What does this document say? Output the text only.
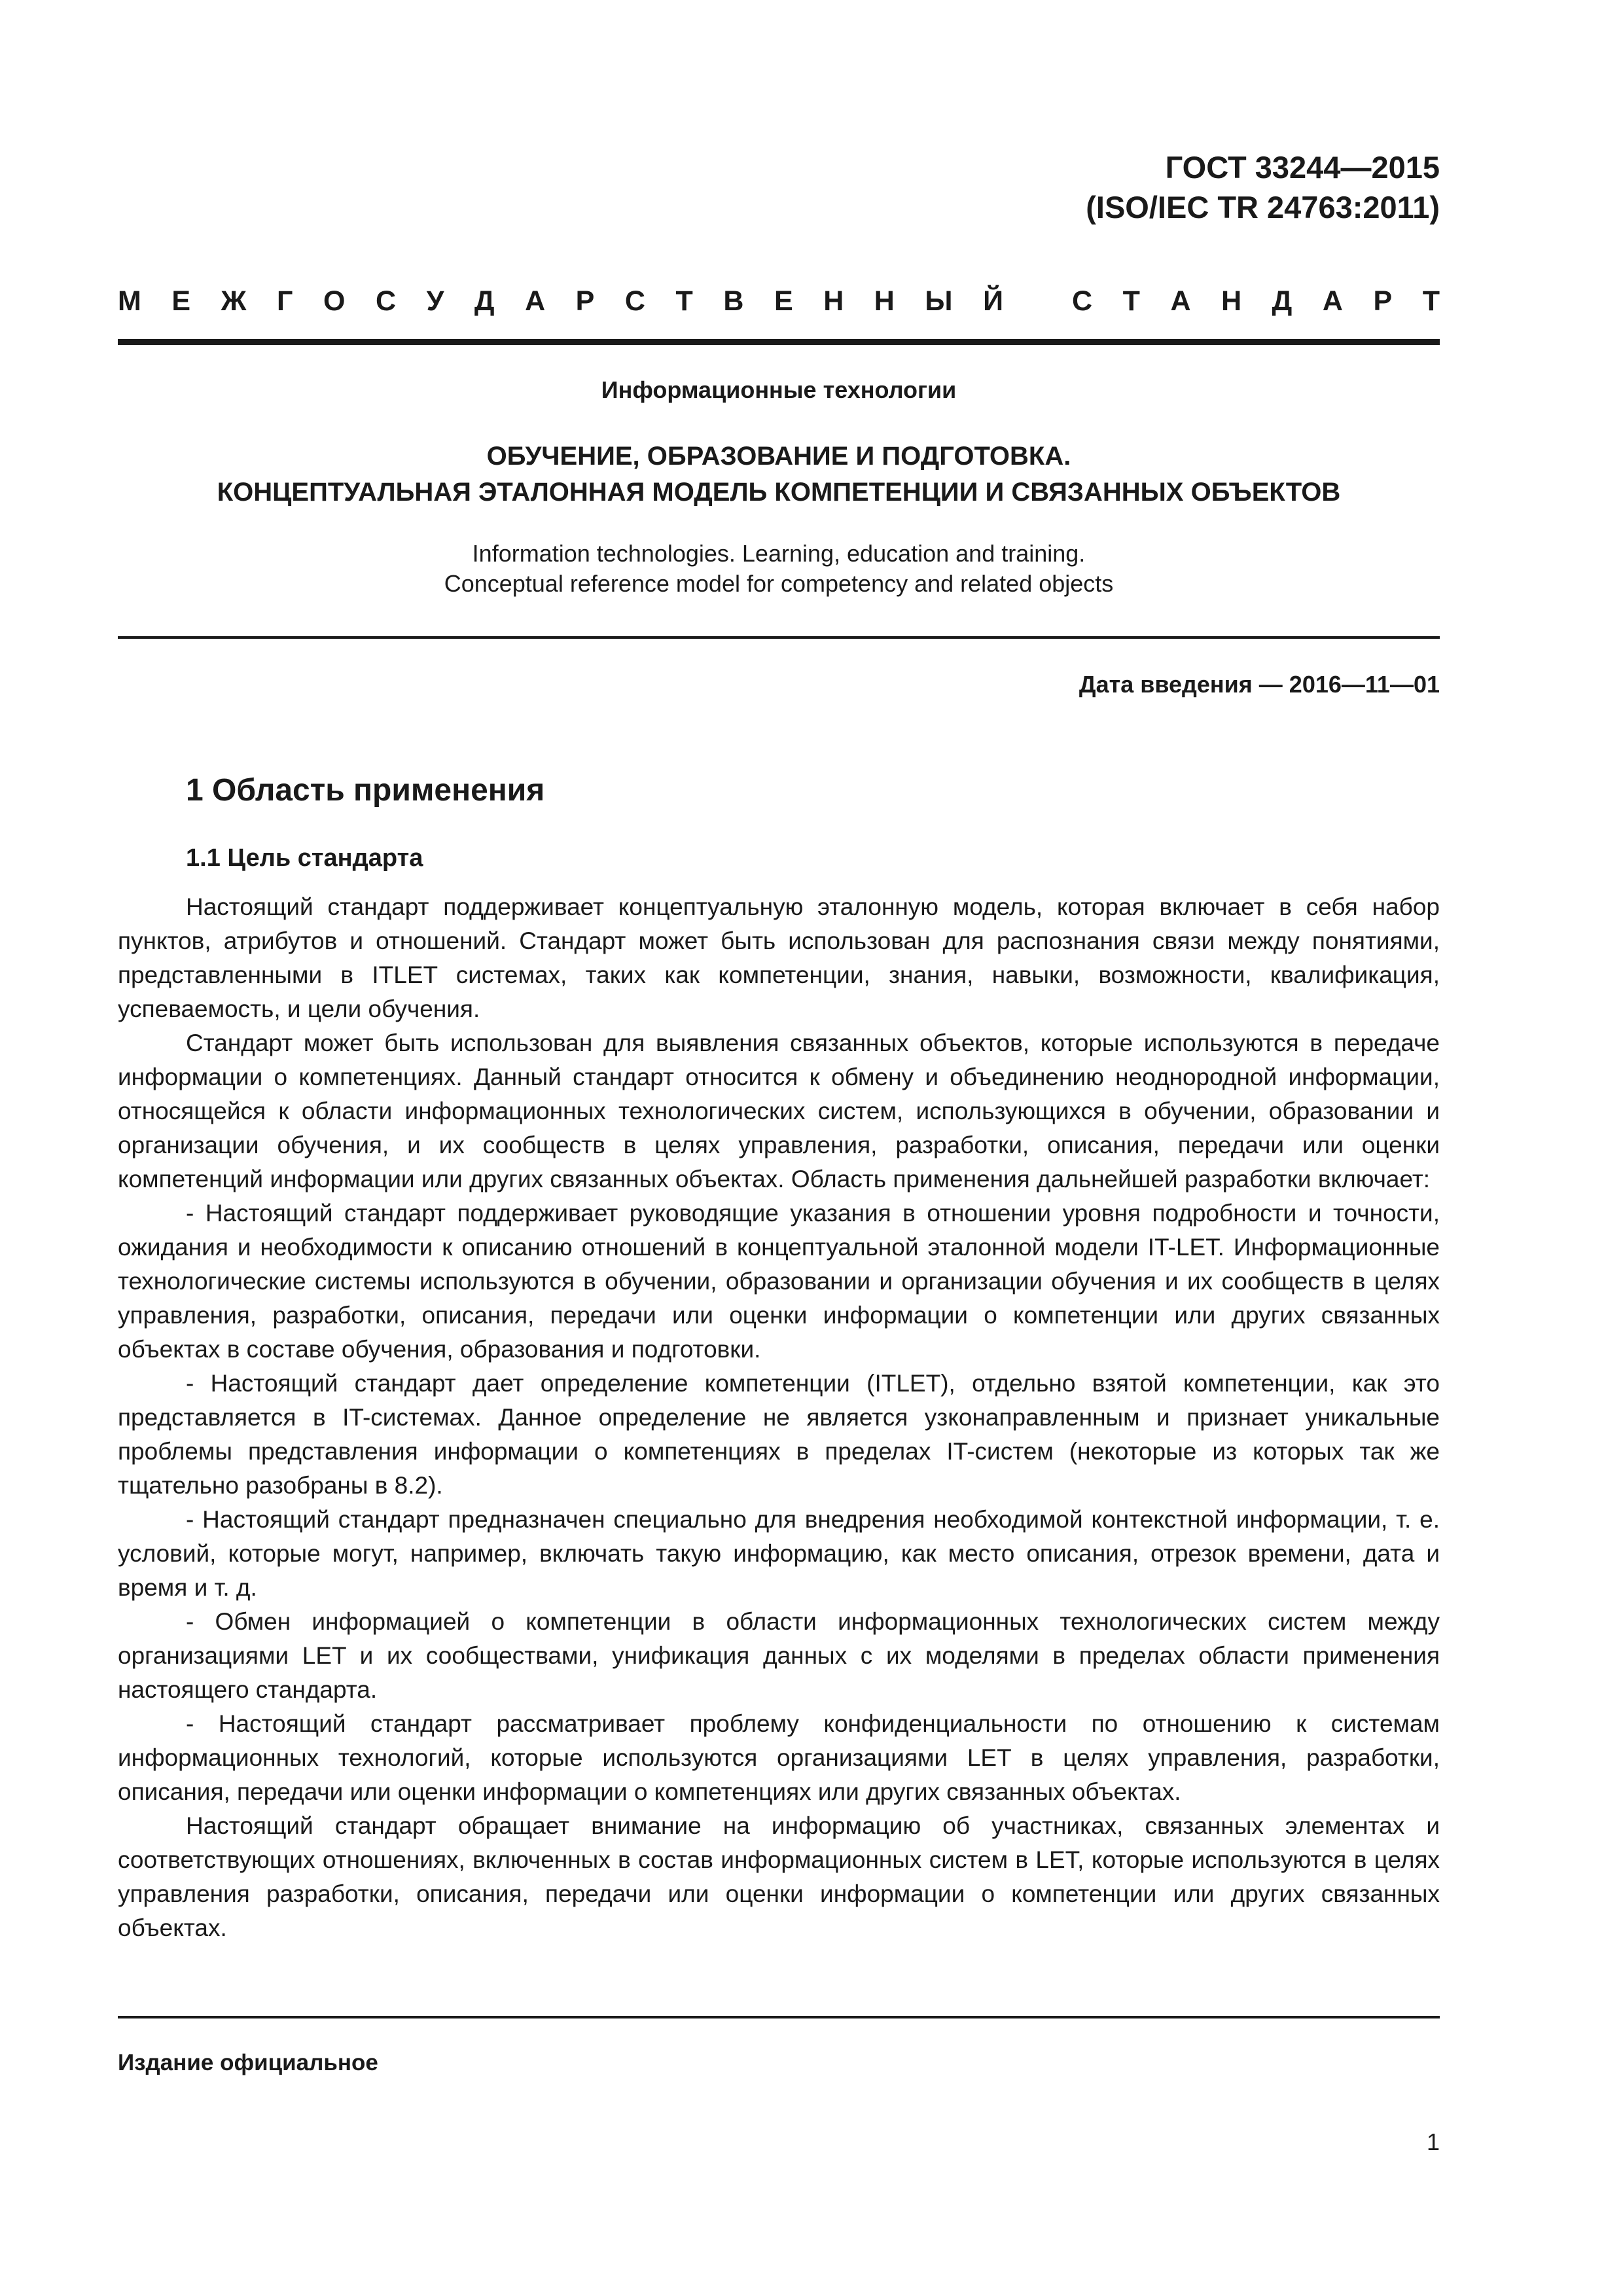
ГОСТ 33244—2015
(ISO/IEC TR 24763:2011)
М Е Ж Г О С У Д А Р С Т В Е Н Н Ы Й
С Т А Н Д А Р Т
Информационные технологии
ОБУЧЕНИЕ, ОБРАЗОВАНИЕ И ПОДГОТОВКА.
КОНЦЕПТУАЛЬНАЯ ЭТАЛОННАЯ МОДЕЛЬ КОМПЕТЕНЦИИ И СВЯЗАННЫХ ОБЪЕКТОВ
Information technologies. Learning, education and training.
Conceptual reference model for competency and related objects
Дата введения — 2016—11—01
1 Область применения
1.1 Цель стандарта

Настоящий стандарт поддерживает концептуальную эталонную модель, которая включает в себя набор пунктов, атрибутов и отношений. Стандарт может быть использован для распознания связи между понятиями, представленными в ITLET системах, таких как компетенции, знания, навыки, возможности, квалификация, успеваемость, и цели обучения.

Стандарт может быть использован для выявления связанных объектов, которые используются в передаче информации о компетенциях. Данный стандарт относится к обмену и объединению неоднородной информации, относящейся к области информационных технологических систем, использующихся в обучении, образовании и организации обучения, и их сообществ в целях управления, разработки, описания, передачи или оценки компетенций информации или других связанных объектах. Область применения дальнейшей разработки включает:

- Настоящий стандарт поддерживает руководящие указания в отношении уровня подробности и точности, ожидания и необходимости к описанию отношений в концептуальной эталонной модели IT-LET. Информационные технологические системы используются в обучении, образовании и организации обучения и их сообществ в целях управления, разработки, описания, передачи или оценки информации о компетенции или других связанных объектах в составе обучения, образования и подготовки.

- Настоящий стандарт дает определение компетенции (ITLET), отдельно взятой компетенции, как это представляется в IT-системах. Данное определение не является узконаправленным и признает уникальные проблемы представления информации о компетенциях в пределах IT-систем (некоторые из которых так же тщательно разобраны в 8.2).

- Настоящий стандарт предназначен специально для внедрения необходимой контекстной информации, т. е. условий, которые могут, например, включать такую информацию, как место описания, отрезок времени, дата и время и т. д.

- Обмен информацией о компетенции в области информационных технологических систем между организациями LET и их сообществами, унификация данных с их моделями в пределах области применения настоящего стандарта.

- Настоящий стандарт рассматривает проблему конфиденциальности по отношению к системам информационных технологий, которые используются организациями LET в целях управления, разработки, описания, передачи или оценки информации о компетенциях или других связанных объектах.

Настоящий стандарт обращает внимание на информацию об участниках, связанных элементах и соответствующих отношениях, включенных в состав информационных систем в LET, которые используются в целях управления разработки, описания, передачи или оценки информации о компетенции или других связанных объектах.

Издание официальное
1
